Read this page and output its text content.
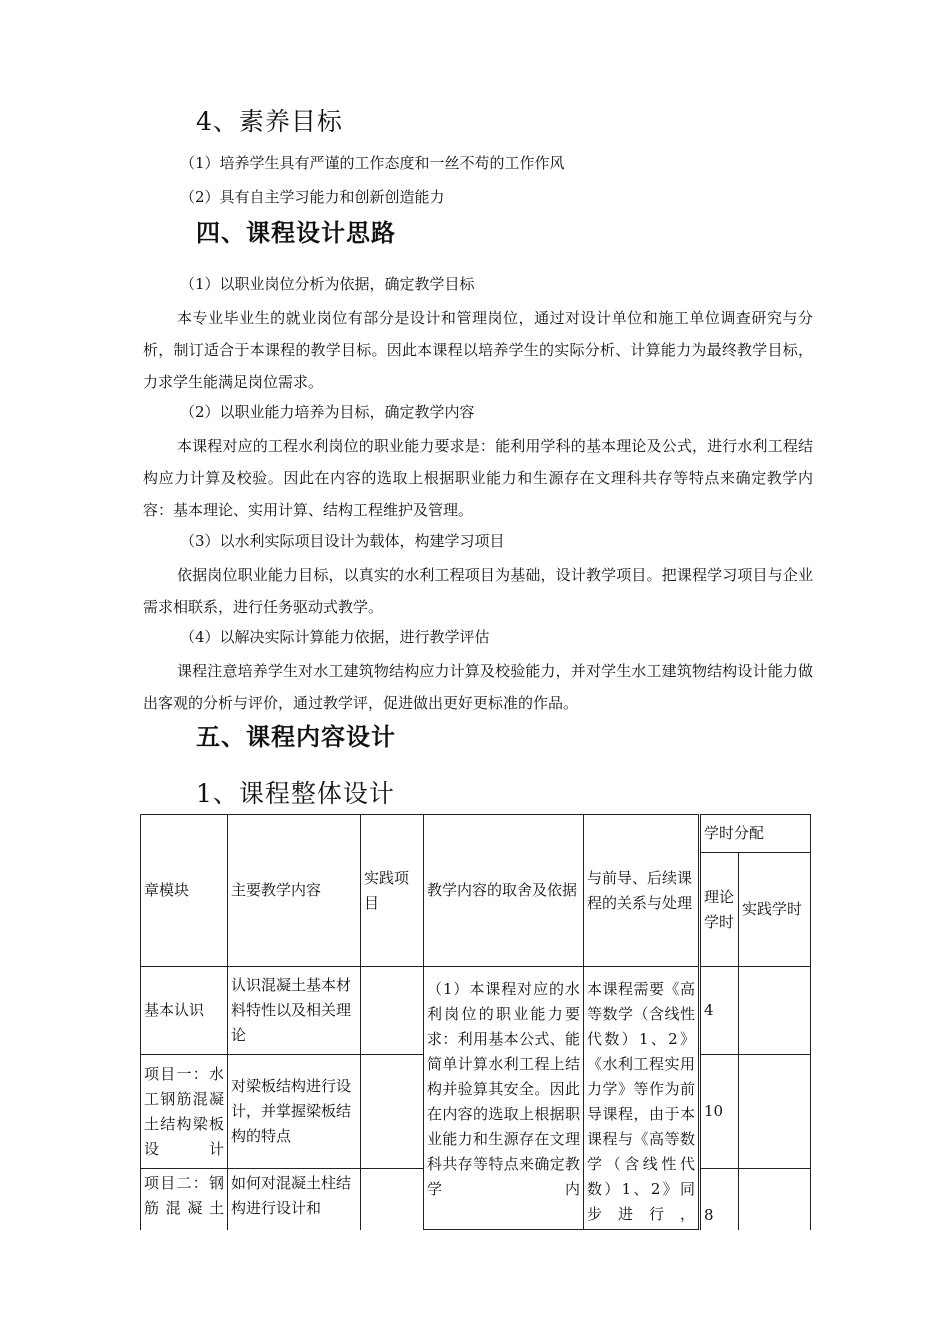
4、素养目标
（1）培养学生具有严谨的工作态度和一丝不苟的工作作风
（2）具有自主学习能力和创新创造能力
四、课程设计思路
（1）以职业岗位分析为依据，确定教学目标
本专业毕业生的就业岗位有部分是设计和管理岗位，通过对设计单位和施工单位调查研究与分析，制订适合于本课程的教学目标。因此本课程以培养学生的实际分析、计算能力为最终教学目标，力求学生能满足岗位需求。
（2）以职业能力培养为目标，确定教学内容
本课程对应的工程水利岗位的职业能力要求是：能利用学科的基本理论及公式，进行水利工程结构应力计算及校验。因此在内容的选取上根据职业能力和生源存在文理科共存等特点来确定教学内容：基本理论、实用计算、结构工程维护及管理。
（3）以水利实际项目设计为载体，构建学习项目
依据岗位职业能力目标，以真实的水利工程项目为基础，设计教学项目。把课程学习项目与企业需求相联系，进行任务驱动式教学。
（4）以解决实际计算能力依据，进行教学评估
课程注意培养学生对水工建筑物结构应力计算及校验能力，并对学生水工建筑物结构设计能力做出客观的分析与评价，通过教学评，促进做出更好更标准的作品。
五、课程内容设计
1、课程整体设计
章模块	主要教学内容	实践项目	教学内容的取舍及依据	与前导、后续课程的关系与处理	学时分配	
					理论学时	实践学时
基本认识	认识混凝土基本材料特性以及相关理论		（1）本课程对应的水利岗位的职业能力要求：利用基本公式、能简单计算水利工程上结构并验算其安全。因此在内容的选取上根据职业能力和生源存在文理科共存等特点来确定教学内	本课程需要《高等数学（含线性代数）1、2》《水利工程实用力学》等作为前导课程，由于本课程与《高等数学（含线性代数）1、2》同步进行，	4	
项目一：水工钢筋混凝土结构梁板设计	对梁板结构进行设计，并掌握梁板结构的特点				10	
项目二：钢筋混凝土	如何对混凝土柱结构进行设计和				8	
